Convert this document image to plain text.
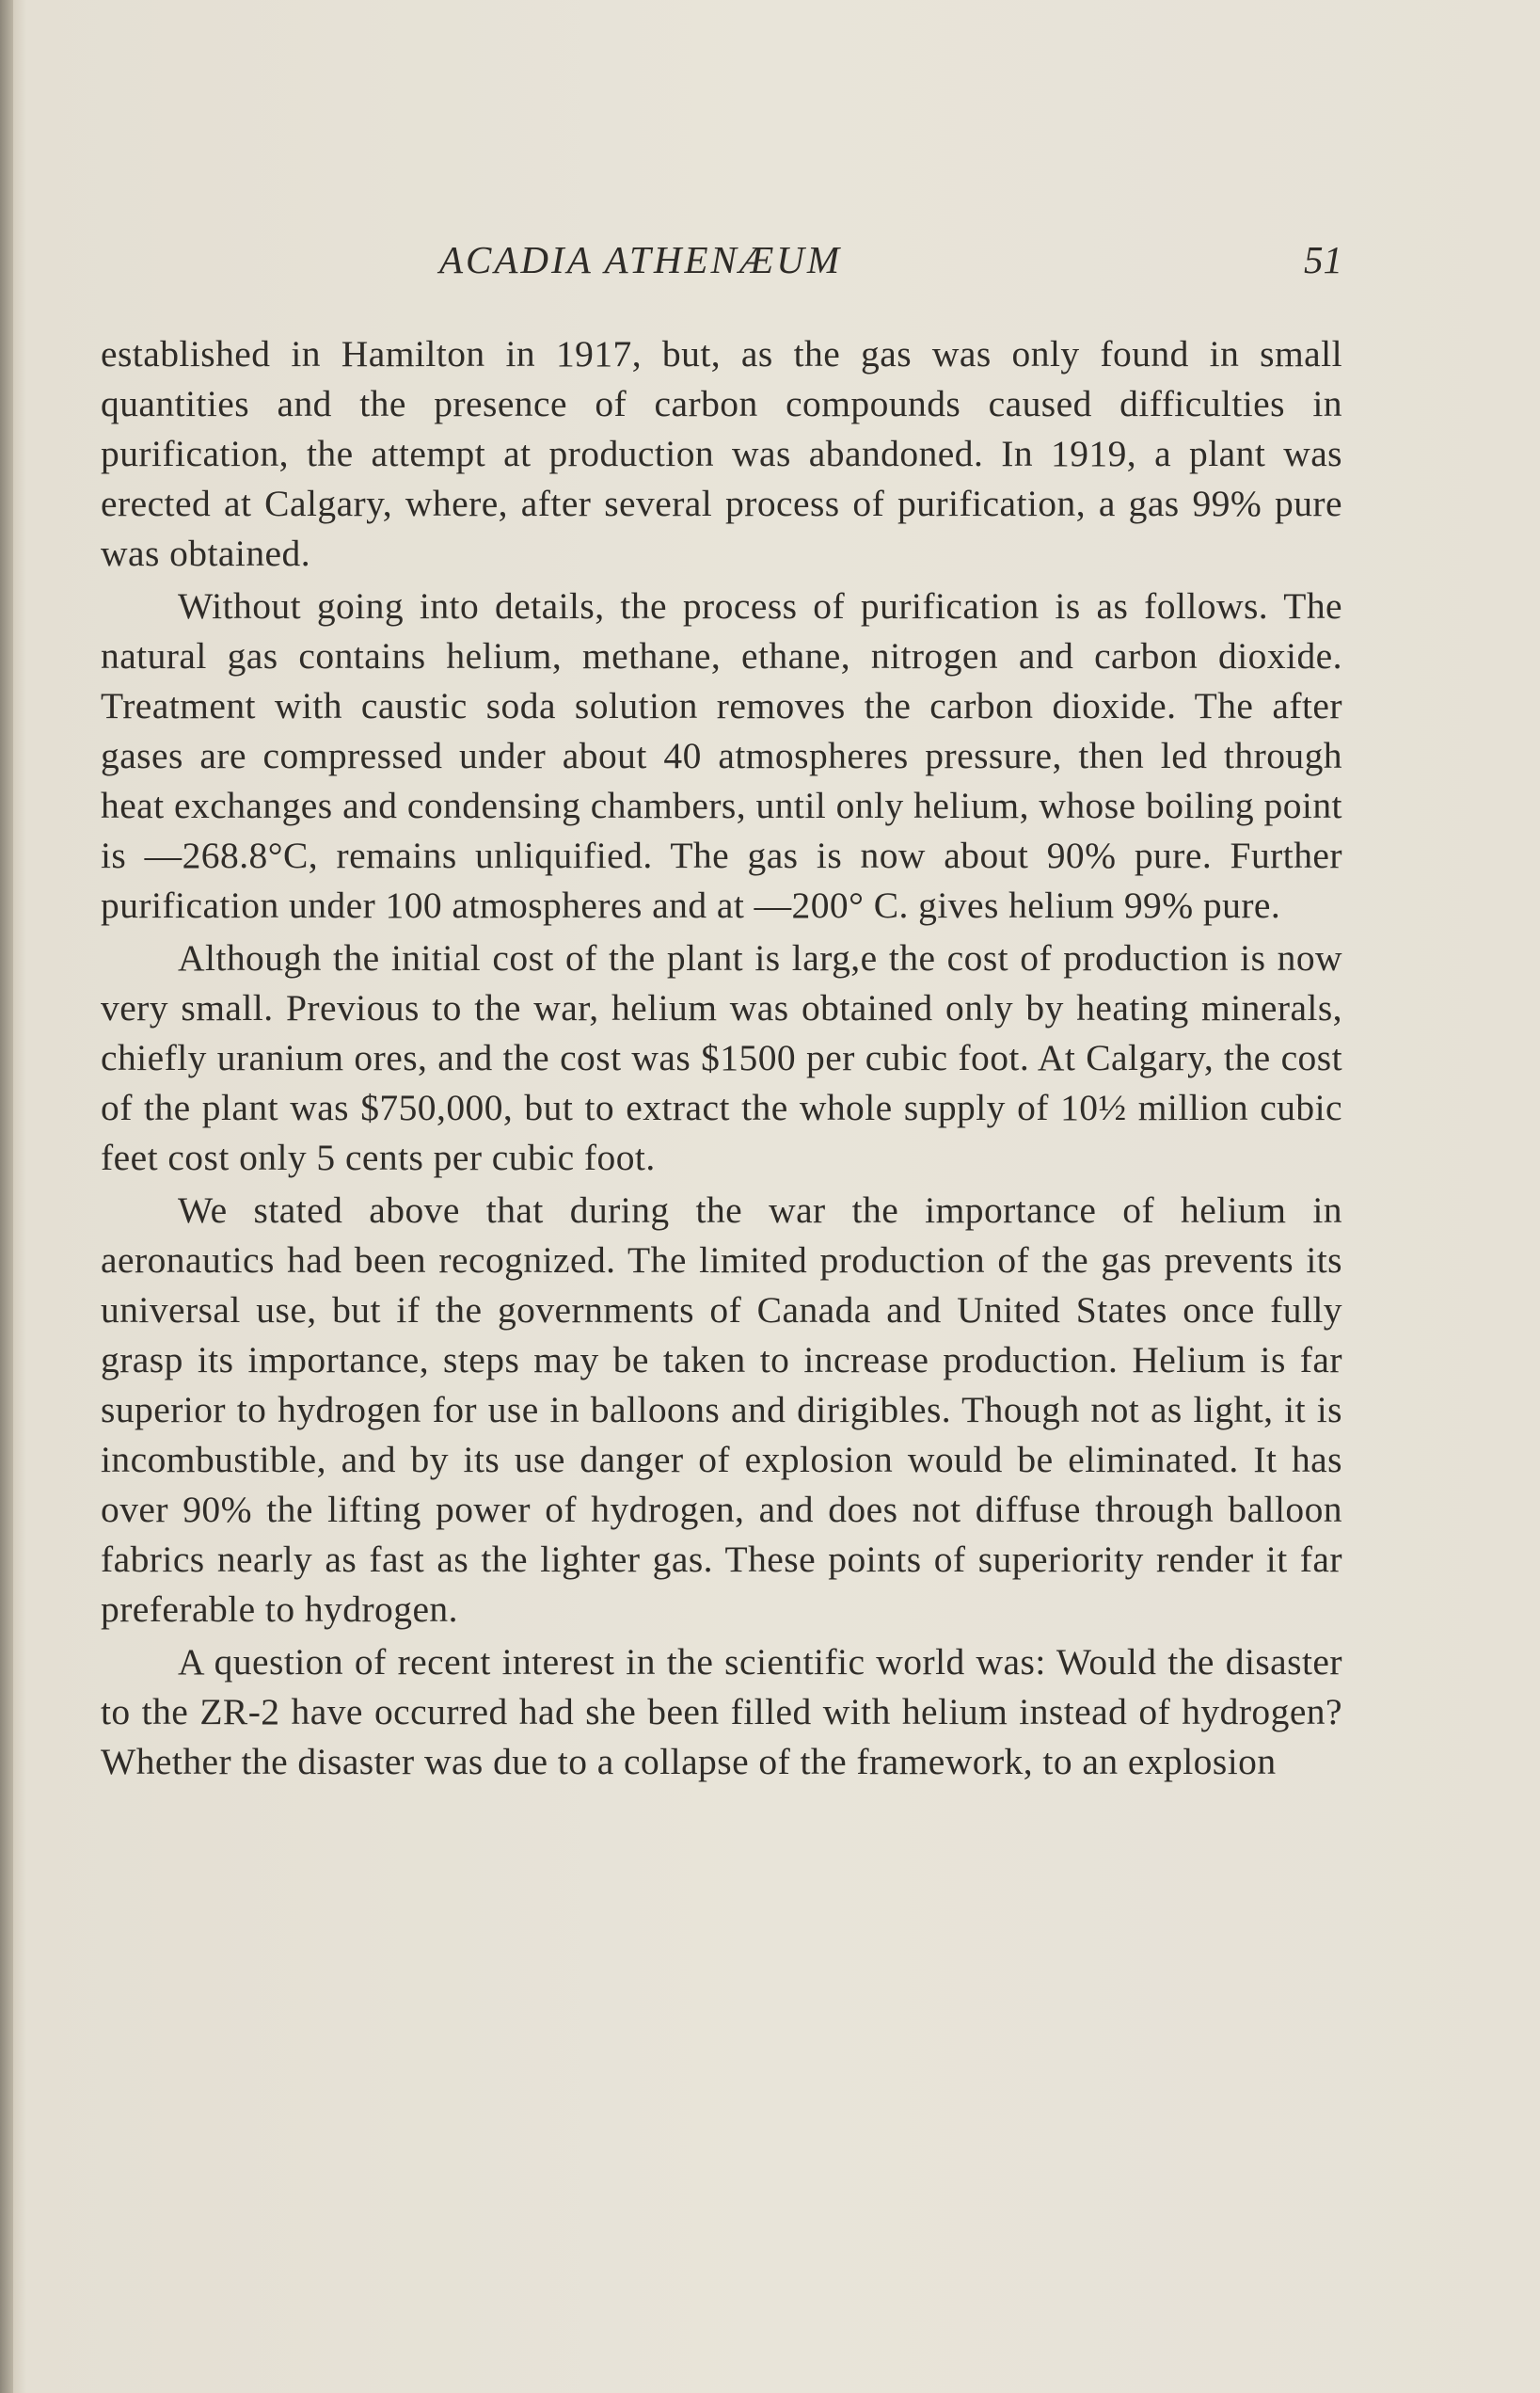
ACADIA ATHENÆUM	51

established in Hamilton in 1917, but, as the gas was only found in small quantities and the presence of carbon compounds caused difficulties in purification, the attempt at production was abandoned. In 1919, a plant was erected at Calgary, where, after several process of purification, a gas 99% pure was obtained.

Without going into details, the process of purification is as follows. The natural gas contains helium, methane, ethane, nitrogen and carbon dioxide. Treatment with caustic soda solution removes the carbon dioxide. The after gases are compressed under about 40 atmospheres pressure, then led through heat exchanges and condensing chambers, until only helium, whose boiling point is —268.8°C, remains unliquified. The gas is now about 90% pure. Further purification under 100 atmospheres and at —200° C. gives helium 99% pure.

Although the initial cost of the plant is larg,e the cost of production is now very small. Previous to the war, helium was obtained only by heating minerals, chiefly uranium ores, and the cost was $1500 per cubic foot. At Calgary, the cost of the plant was $750,000, but to extract the whole supply of 10½ million cubic feet cost only 5 cents per cubic foot.

We stated above that during the war the importance of helium in aeronautics had been recognized. The limited production of the gas prevents its universal use, but if the governments of Canada and United States once fully grasp its importance, steps may be taken to increase production. Helium is far superior to hydrogen for use in balloons and dirigibles. Though not as light, it is incombustible, and by its use danger of explosion would be eliminated. It has over 90% the lifting power of hydrogen, and does not diffuse through balloon fabrics nearly as fast as the lighter gas. These points of superiority render it far preferable to hydrogen.

A question of recent interest in the scientific world was: Would the disaster to the ZR-2 have occurred had she been filled with helium instead of hydrogen? Whether the disaster was due to a collapse of the framework, to an explosion
